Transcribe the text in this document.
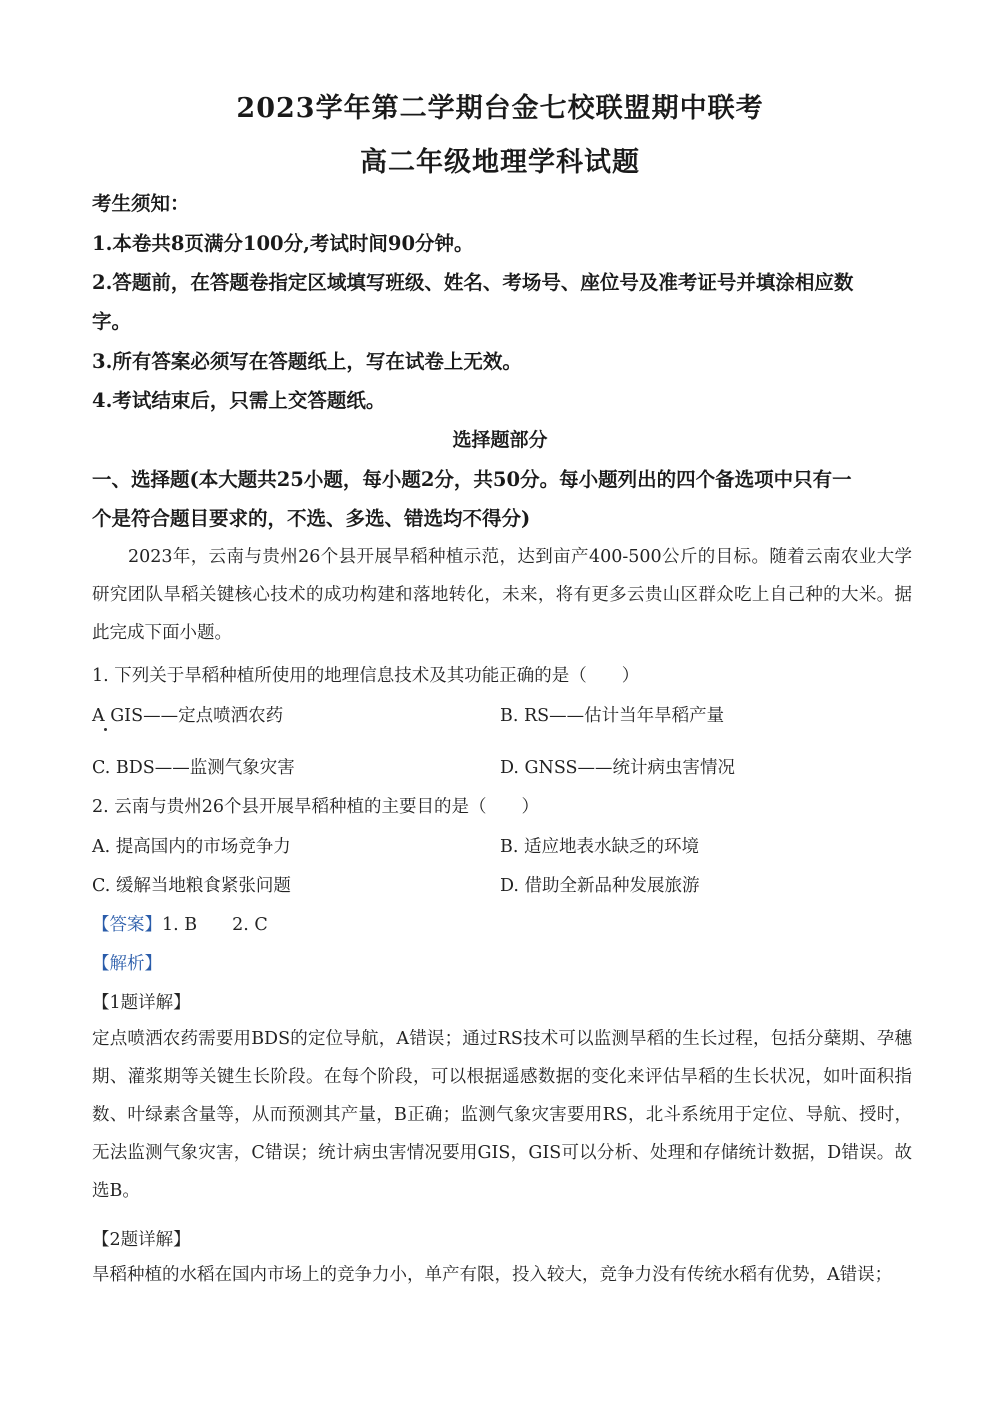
2023学年第二学期台金七校联盟期中联考
高二年级地理学科试题
考生须知：
1.本卷共8页满分100分,考试时间90分钟。
2.答题前，在答题卷指定区域填写班级、姓名、考场号、座位号及准考证号并填涂相应数
字。
3.所有答案必须写在答题纸上，写在试卷上无效。
4.考试结束后，只需上交答题纸。
选择题部分
一、选择题(本大题共25小题，每小题2分，共50分。每小题列出的四个备选项中只有一
个是符合题目要求的，不选、多选、错选均不得分)
2023年，云南与贵州26个县开展旱稻种植示范，达到亩产400-500公斤的目标。随着云南农业大学研究团队旱稻关键核心技术的成功构建和落地转化，未来，将有更多云贵山区群众吃上自己种的大米。据此完成下面小题。
1. 下列关于旱稻种植所使用的地理信息技术及其功能正确的是（　　）
A GIS——定点喷洒农药	B. RS——估计当年旱稻产量
C. BDS——监测气象灾害	D. GNSS——统计病虫害情况
2. 云南与贵州26个县开展旱稻种植的主要目的是（　　）
A. 提高国内的市场竞争力	B. 适应地表水缺乏的环境
C. 缓解当地粮食紧张问题	D. 借助全新品种发展旅游
【答案】1. B　　2. C
【解析】
【1题详解】
定点喷洒农药需要用BDS的定位导航，A错误；通过RS技术可以监测旱稻的生长过程，包括分蘖期、孕穗期、灌浆期等关键生长阶段。在每个阶段，可以根据遥感数据的变化来评估旱稻的生长状况，如叶面积指数、叶绿素含量等，从而预测其产量，B正确；监测气象灾害要用RS，北斗系统用于定位、导航、授时，无法监测气象灾害，C错误；统计病虫害情况要用GIS，GIS可以分析、处理和存储统计数据，D错误。故选B。
【2题详解】
旱稻种植的水稻在国内市场上的竞争力小，单产有限，投入较大，竞争力没有传统水稻有优势，A错误；
